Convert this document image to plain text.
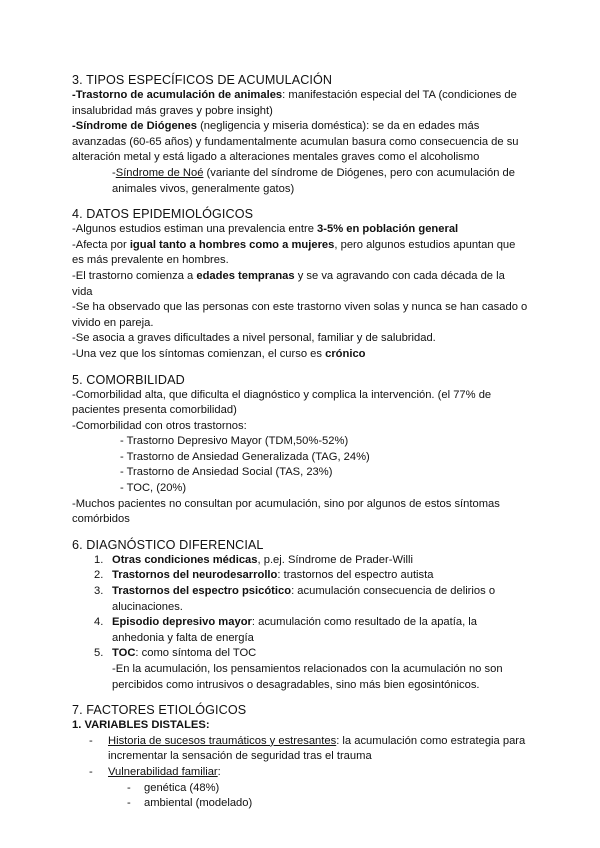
3. TIPOS ESPECÍFICOS DE ACUMULACIÓN

-Trastorno de acumulación de animales: manifestación especial del TA (condiciones de insalubridad más graves y pobre insight)

-Síndrome de Diógenes (negligencia y miseria doméstica): se da en edades más avanzadas (60-65 años) y fundamentalmente acumulan basura como consecuencia de su alteración metal y está ligado a alteraciones mentales graves como el alcoholismo

-Síndrome de Noé (variante del síndrome de Diógenes, pero con acumulación de animales vivos, generalmente gatos)

4. DATOS EPIDEMIOLÓGICOS

-Algunos estudios estiman una prevalencia entre 3-5% en población general

-Afecta por igual tanto a hombres como a mujeres, pero algunos estudios apuntan que es más prevalente en hombres.

-El trastorno comienza a edades tempranas y se va agravando con cada década de la vida

-Se ha observado que las personas con este trastorno viven solas y nunca se han casado o vivido en pareja.

-Se asocia a graves dificultades a nivel personal, familiar y de salubridad.

-Una vez que los síntomas comienzan, el curso es crónico

5. COMORBILIDAD

-Comorbilidad alta, que dificulta el diagnóstico y complica la intervención. (el 77% de pacientes presenta comorbilidad)

-Comorbilidad con otros trastornos:

- Trastorno Depresivo Mayor (TDM,50%-52%)

- Trastorno de Ansiedad Generalizada (TAG, 24%)

- Trastorno de Ansiedad Social (TAS, 23%)

- TOC, (20%)

-Muchos pacientes no consultan por acumulación, sino por algunos de estos síntomas comórbidos

6. DIAGNÓSTICO DIFERENCIAL
1. Otras condiciones médicas, p.ej. Síndrome de Prader-Willi
2. Trastornos del neurodesarrollo: trastornos del espectro autista
3. Trastornos del espectro psicótico: acumulación consecuencia de delirios o alucinaciones.
4. Episodio depresivo mayor: acumulación como resultado de la apatía, la anhedonia y falta de energía
5. TOC: como síntoma del TOC

-En la acumulación, los pensamientos relacionados con la acumulación no son percibidos como intrusivos o desagradables, sino más bien egosintónicos.

7. FACTORES ETIOLÓGICOS
1. VARIABLES DISTALES:
- Historia de sucesos traumáticos y estresantes: la acumulación como estrategia para incrementar la sensación de seguridad tras el trauma
- Vulnerabilidad familiar:
- genética (48%)
- ambiental (modelado)
